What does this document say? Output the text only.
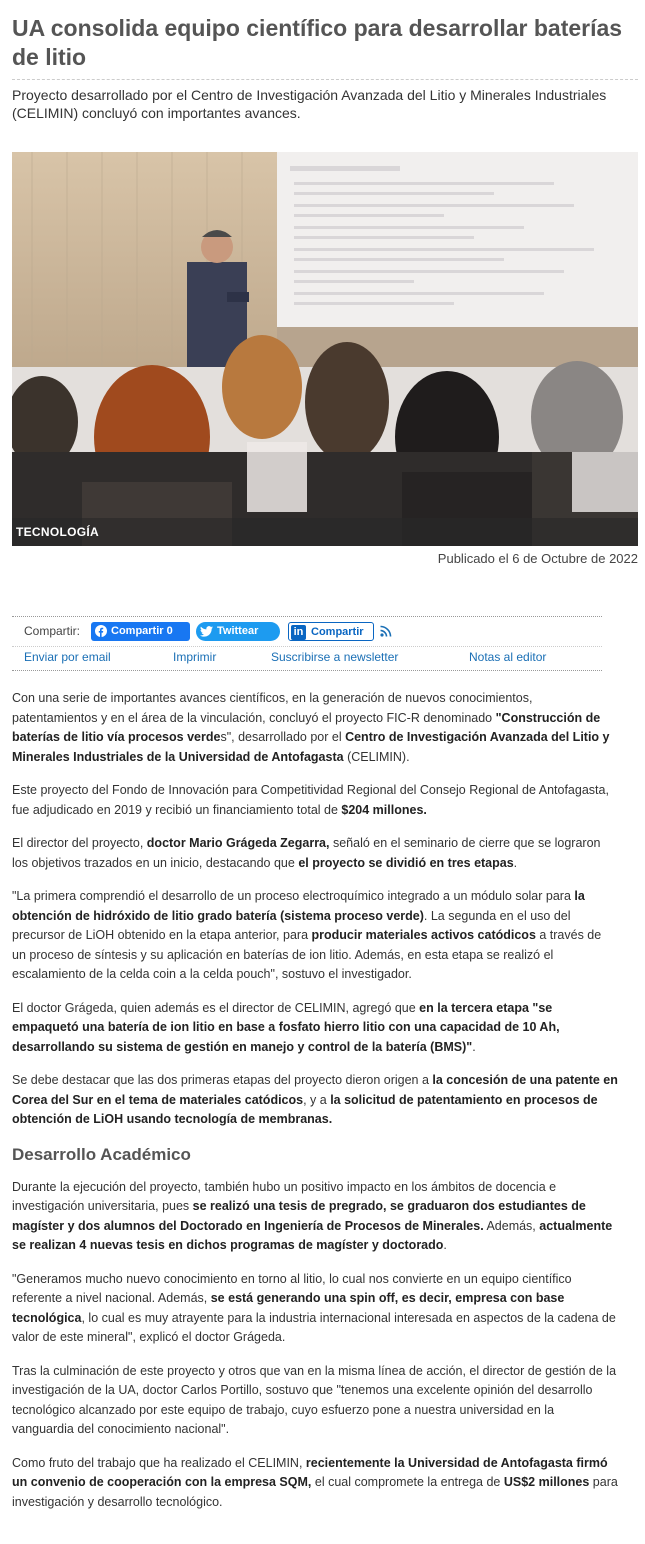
UA consolida equipo científico para desarrollar baterías de litio

Proyecto desarrollado por el Centro de Investigación Avanzada del Litio y Minerales Industriales (CELIMIN) concluyó con importantes avances.

TECNOLOGÍA
Publicado el 6 de Octubre de 2022
Compartir:	Compartir 0	Twittear	in Compartir
Enviar por email	Imprimir	Suscribirse a newsletter	Notas al editor

Con una serie de importantes avances científicos, en la generación de nuevos conocimientos, patentamientos y en el área de la vinculación, concluyó el proyecto FIC-R denominado "Construcción de baterías de litio vía procesos verdes", desarrollado por el Centro de Investigación Avanzada del Litio y Minerales Industriales de la Universidad de Antofagasta (CELIMIN).

Este proyecto del Fondo de Innovación para Competitividad Regional del Consejo Regional de Antofagasta, fue adjudicado en 2019 y recibió un financiamiento total de $204 millones.

El director del proyecto, doctor Mario Grágeda Zegarra, señaló en el seminario de cierre que se lograron los objetivos trazados en un inicio, destacando que el proyecto se dividió en tres etapas.

"La primera comprendió el desarrollo de un proceso electroquímico integrado a un módulo solar para la obtención de hidróxido de litio grado batería (sistema proceso verde). La segunda en el uso del precursor de LiOH obtenido en la etapa anterior, para producir materiales activos catódicos a través de un proceso de síntesis y su aplicación en baterías de ion litio. Además, en esta etapa se realizó el escalamiento de la celda coin a la celda pouch", sostuvo el investigador.

El doctor Grágeda, quien además es el director de CELIMIN, agregó que en la tercera etapa "se empaquetó una batería de ion litio en base a fosfato hierro litio con una capacidad de 10 Ah, desarrollando su sistema de gestión en manejo y control de la batería (BMS)".

Se debe destacar que las dos primeras etapas del proyecto dieron origen a la concesión de una patente en Corea del Sur en el tema de materiales catódicos, y a la solicitud de patentamiento en procesos de obtención de LiOH usando tecnología de membranas.

Desarrollo Académico

Durante la ejecución del proyecto, también hubo un positivo impacto en los ámbitos de docencia e investigación universitaria, pues se realizó una tesis de pregrado, se graduaron dos estudiantes de magíster y dos alumnos del Doctorado en Ingeniería de Procesos de Minerales. Además, actualmente se realizan 4 nuevas tesis en dichos programas de magíster y doctorado.

"Generamos mucho nuevo conocimiento en torno al litio, lo cual nos convierte en un equipo científico referente a nivel nacional. Además, se está generando una spin off, es decir, empresa con base tecnológica, lo cual es muy atrayente para la industria internacional interesada en aspectos de la cadena de valor de este mineral", explicó el doctor Grágeda.

Tras la culminación de este proyecto y otros que van en la misma línea de acción, el director de gestión de la investigación de la UA, doctor Carlos Portillo, sostuvo que "tenemos una excelente opinión del desarrollo tecnológico alcanzado por este equipo de trabajo, cuyo esfuerzo pone a nuestra universidad en la vanguardia del conocimiento nacional".

Como fruto del trabajo que ha realizado el CELIMIN, recientemente la Universidad de Antofagasta firmó un convenio de cooperación con la empresa SQM, el cual compromete la entrega de US$2 millones para investigación y desarrollo tecnológico.
